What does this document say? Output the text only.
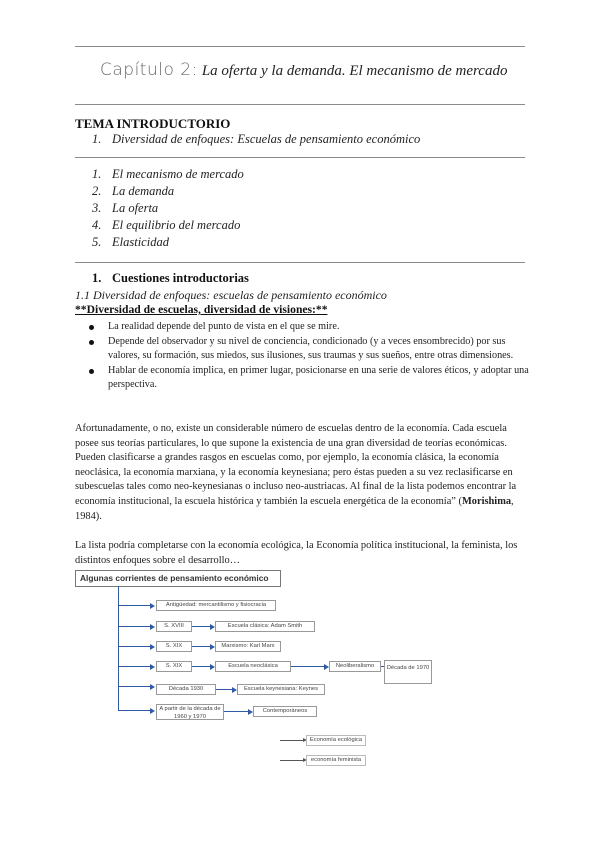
Capítulo 2: La oferta y la demanda. El mecanismo de mercado
TEMA INTRODUCTORIO
1. Diversidad de enfoques: Escuelas de pensamiento económico
1. El mecanismo de mercado
2. La demanda
3. La oferta
4. El equilibrio del mercado
5. Elasticidad
1. Cuestiones introductorias
1.1 Diversidad de enfoques: escuelas de pensamiento económico
**Diversidad de escuelas, diversidad de visiones:**
La realidad depende del punto de vista en el que se mire.
Depende del observador y su nivel de conciencia, condicionado (y a veces ensombrecido) por sus valores, su formación, sus miedos, sus ilusiones, sus traumas y sus sueños, entre otras dimensiones.
Hablar de economía implica, en primer lugar, posicionarse en una serie de valores éticos, y adoptar una perspectiva.
Afortunadamente, o no, existe un considerable número de escuelas dentro de la economía. Cada escuela posee sus teorías particulares, lo que supone la existencia de una gran diversidad de teorías económicas. Pueden clasificarse a grandes rasgos en escuelas como, por ejemplo, la economía clásica, la economía neoclásica, la economía marxiana, y la economía keynesiana; pero éstas pueden a su vez reclasificarse en subescuelas tales como neo-keynesianas o incluso neo-austriacas. Al final de la lista podemos encontrar la economía institucional, la escuela histórica y también la escuela energética de la economía” (Morishima, 1984).
La lista podría completarse con la economía ecológica, la Economía política institucional, la feminista, los distintos enfoques sobre el desarrollo…
Algunas corrientes de pensamiento económico
Antigüedad: mercantilismo y fisiocracia
S. XVIII	Escuela clásica: Adam Smith
S. XIX	Marxismo: Karl Marx
S. XIX	Escuela neoclásica	Neoliberalismo	Década de 1970
Década 1930	Escuela keynesiana: Keynes
A partir de la década de 1960 y 1970
Contemporáneos
Economía ecológica
economía feminista
